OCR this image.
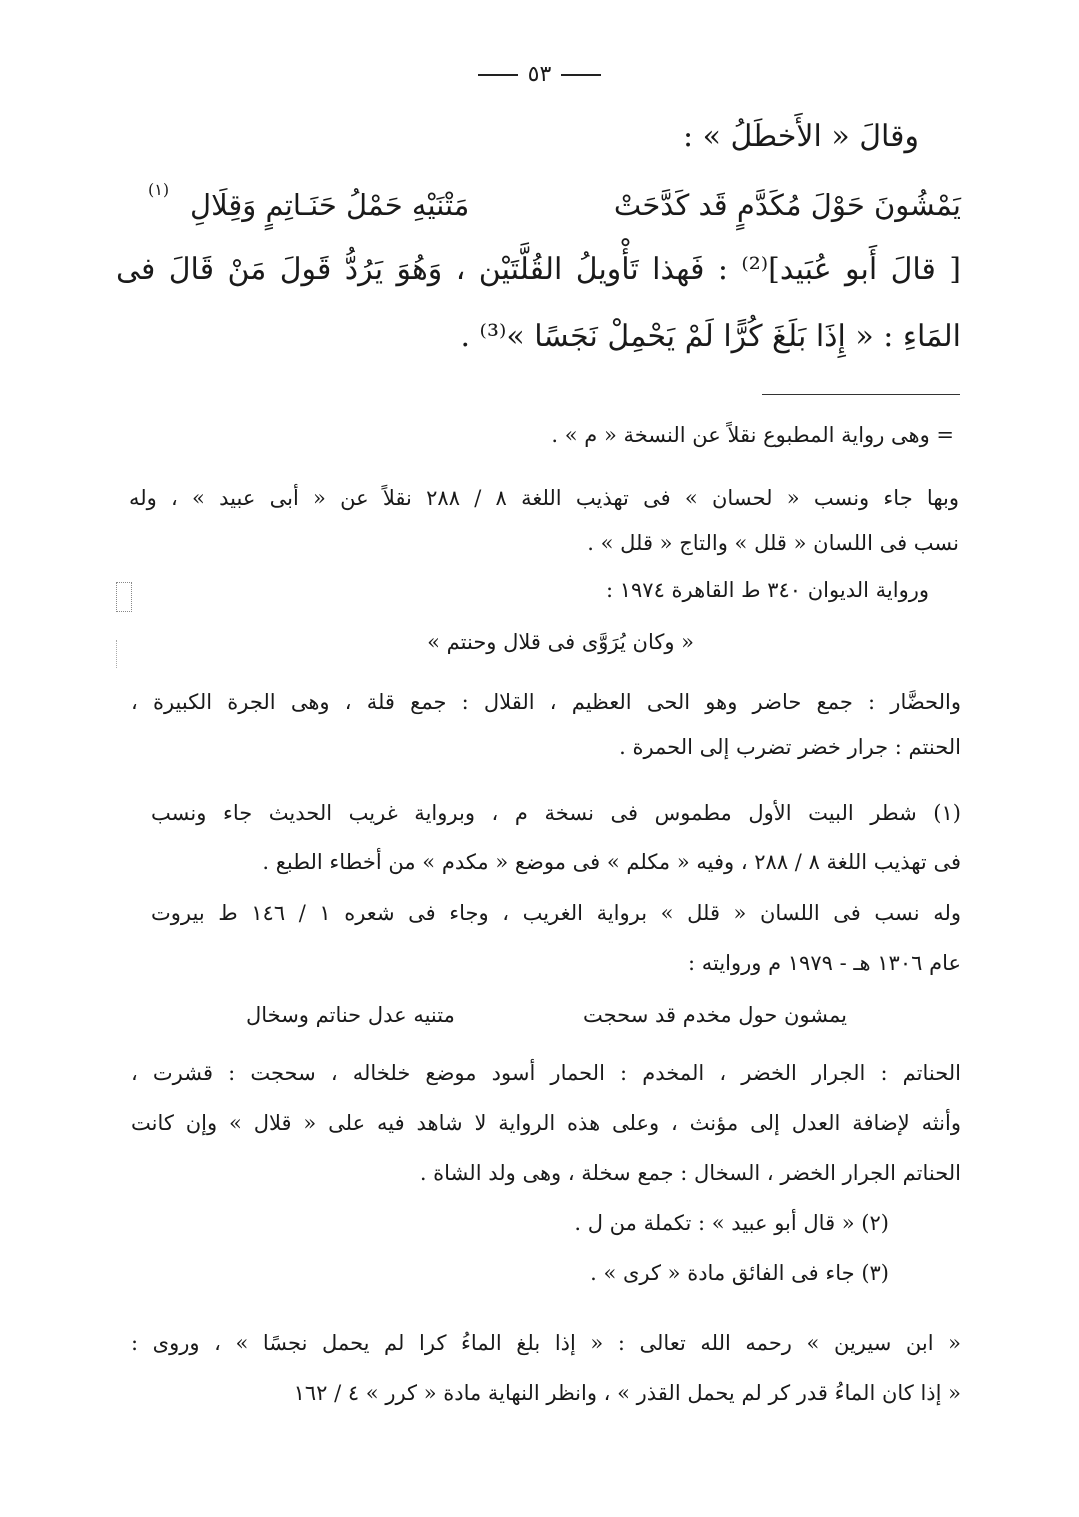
٥٣
وقالَ « الأَخطَلُ » :
يَمْشُونَ حَوْلَ مُكَدَّمٍ قَد كَدَّحَتْ
مَتْنَيْهِ حَمْلُ حَنَـاتِمٍ وَقِلَالِ
(١)
[ قالَ أَبو عُبَيد]⁽²⁾ : فَهذا تَأْويلُ القُلَّتَيْن ، وَهُوَ يَرُدُّ قَولَ مَنْ قَالَ فى
المَاءِ : « إِذَا بَلَغَ كُرًّا لَمْ يَحْمِلْ نَجَسًا »⁽³⁾ .
= وهى رواية المطبوع نقلاً عن النسخة « م » .
وبها جاء ونسب « لحسان » فى تهذيب اللغة ٨ / ٢٨٨ نقلاً عن « أبى عبيد » ، وله
نسب فى اللسان « قلل » والتاج « قلل » .
ورواية الديوان ٣٤٠ ط القاهرة ١٩٧٤ :
« وكان يُرَوَّى فى قلال وحنتم »
والحضَّار : جمع حاضر وهو الحى العظيم ، القلال : جمع قلة ، وهى الجرة الكبيرة ،
الحنتم : جرار خضر تضرب إلى الحمرة .
(١) شطر البيت الأول مطموس فى نسخة م ، وبرواية غريب الحديث جاء ونسب
فى تهذيب اللغة ٨ / ٢٨٨ ، وفيه « مكلم » فى موضع « مكدم » من أخطاء الطبع .
وله نسب فى اللسان « قلل » برواية الغريب ، وجاء فى شعره ١ / ١٤٦ ط بيروت
عام ١٣٠٦ هـ - ١٩٧٩ م وروايته :
يمشون حول مخدم قد سحجت
متنيه عدل حناتم وسخال
الحناتم : الجرار الخضر ، المخدم : الحمار أسود موضع خلخاله ، سحجت : قشرت ،
وأنثه لإضافة العدل إلى مؤنث ، وعلى هذه الرواية لا شاهد فيه على « قلال » وإن كانت
الحناتم الجرار الخضر ، السخال : جمع سخلة ، وهى ولد الشاة .
(٢) « قال أبو عبيد » : تكملة من ل .
(٣) جاء فى الفائق مادة « كرى » .
« ابن سيرين » رحمه الله تعالى : « إذا بلغ الماءُ كرا لم يحمل نجسًا » ، وروى :
« إذا كان الماءُ قدر كر لم يحمل القذر » ، وانظر النهاية مادة « كرر » ٤ / ١٦٢
